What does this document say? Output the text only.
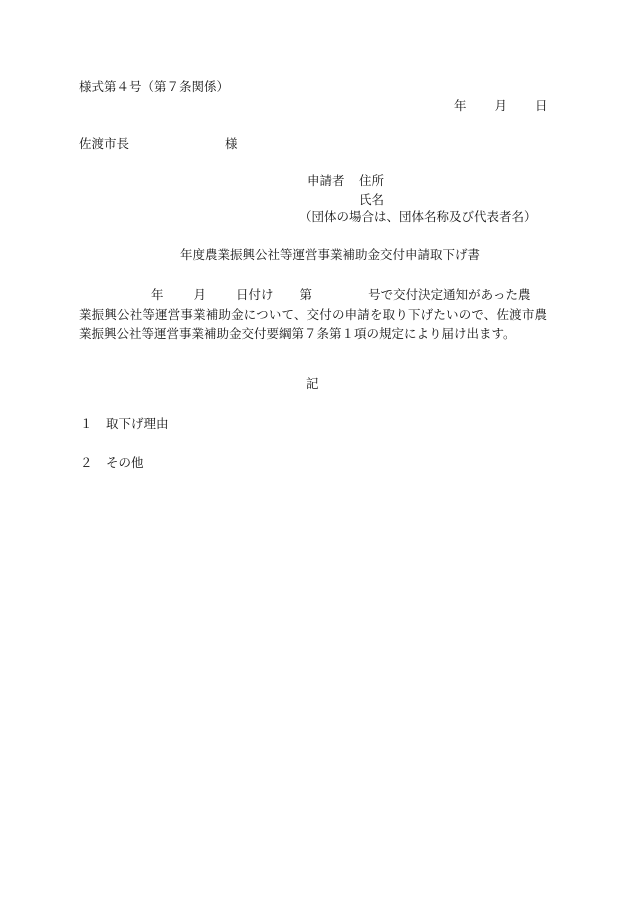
様式第４号（第７条関係）
年 月 日
佐渡市長	様
申請者 住所
氏名
（団体の場合は、団体名称及び代表者名）
年度農業振興公社等運営事業補助金交付申請取下げ書
年 月 日付け 第	号で交付決定通知があった農
業振興公社等運営事業補助金について、交付の申請を取り下げたいので、佐渡市農業振興公社等運営事業補助金交付要綱第７条第１項の規定により届け出ます。
記
１ 取下げ理由
２ その他
